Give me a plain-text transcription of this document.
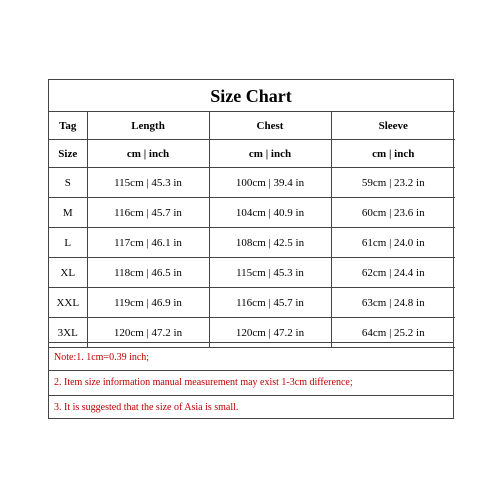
Size Chart
Tag	Length	Chest	Sleeve
Size	cm | inch	cm | inch	cm | inch
S	115cm | 45.3 in	100cm | 39.4 in	59cm | 23.2 in
M	116cm | 45.7 in	104cm | 40.9 in	60cm | 23.6 in
L	117cm | 46.1 in	108cm | 42.5 in	61cm | 24.0 in
XL	118cm | 46.5 in	115cm | 45.3 in	62cm | 24.4 in
XXL	119cm | 46.9 in	116cm | 45.7 in	63cm | 24.8 in
3XL	120cm | 47.2 in	120cm | 47.2 in	64cm | 25.2 in
Note:1. 1cm=0.39 inch;
2. Item size information manual measurement may exist 1-3cm difference;
3. It is suggested that the size of Asia is small.
